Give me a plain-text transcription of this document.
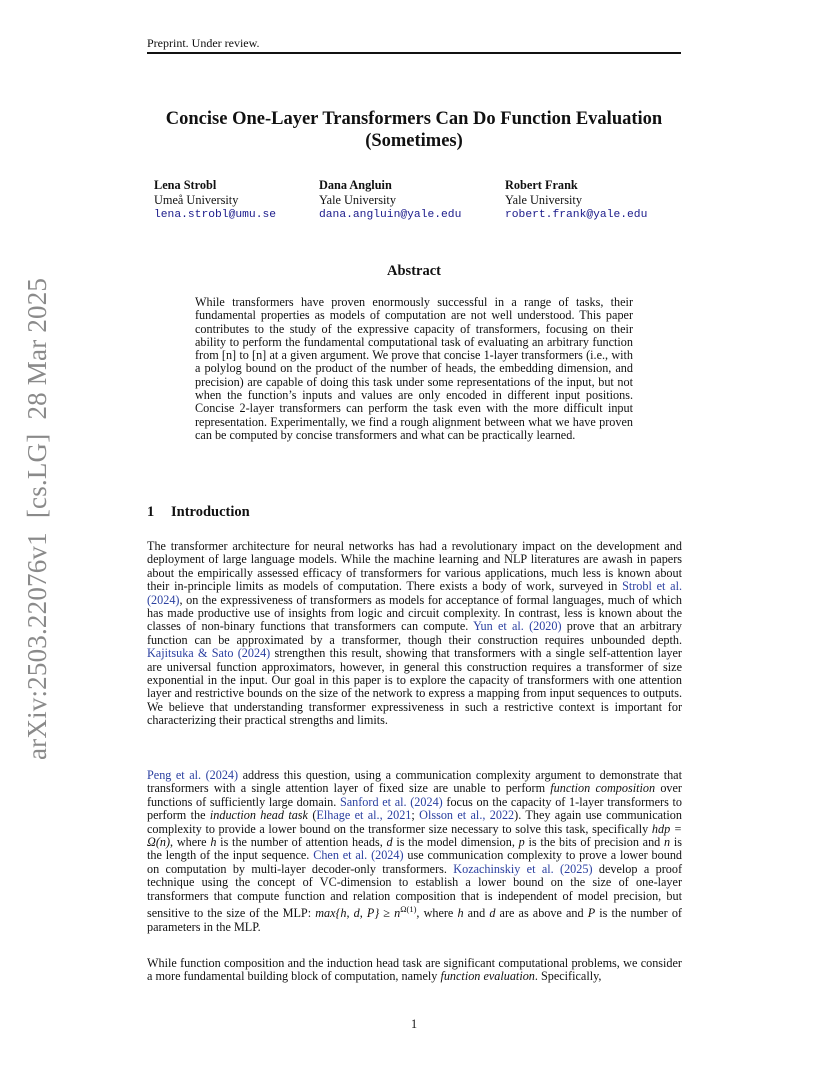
Preprint. Under review.
Concise One-Layer Transformers Can Do Function Evaluation
(Sometimes)
Lena Strobl
Umeå University
lena.strobl@umu.se
Dana Angluin
Yale University
dana.angluin@yale.edu
Robert Frank
Yale University
robert.frank@yale.edu
Abstract
While transformers have proven enormously successful in a range of tasks, their fundamental properties as models of computation are not well understood. This paper contributes to the study of the expressive capacity of transformers, focusing on their ability to perform the fundamental computational task of evaluating an arbitrary function from [n] to [n] at a given argument. We prove that concise 1-layer transformers (i.e., with a polylog bound on the product of the number of heads, the embedding dimension, and precision) are capable of doing this task under some representations of the input, but not when the function’s inputs and values are only encoded in different input positions. Concise 2-layer transformers can perform the task even with the more difficult input representation. Experimentally, we find a rough alignment between what we have proven can be computed by concise transformers and what can be practically learned.
1 Introduction
The transformer architecture for neural networks has had a revolutionary impact on the development and deployment of large language models. While the machine learning and NLP literatures are awash in papers about the empirically assessed efficacy of transformers for various applications, much less is known about their in-principle limits as models of computation. There exists a body of work, surveyed in Strobl et al. (2024), on the expressiveness of transformers as models for acceptance of formal languages, much of which has made productive use of insights from logic and circuit complexity. In contrast, less is known about the classes of non-binary functions that transformers can compute. Yun et al. (2020) prove that an arbitrary function can be approximated by a transformer, though their construction requires unbounded depth. Kajitsuka & Sato (2024) strengthen this result, showing that transformers with a single self-attention layer are universal function approximators, however, in general this construction requires a transformer of size exponential in the input. Our goal in this paper is to explore the capacity of transformers with one attention layer and restrictive bounds on the size of the network to express a mapping from input sequences to outputs. We believe that understanding transformer expressiveness in such a restrictive context is important for characterizing their practical strengths and limits.
Peng et al. (2024) address this question, using a communication complexity argument to demonstrate that transformers with a single attention layer of fixed size are unable to perform function composition over functions of sufficiently large domain. Sanford et al. (2024) focus on the capacity of 1-layer transformers to perform the induction head task (Elhage et al., 2021; Olsson et al., 2022). They again use communication complexity to provide a lower bound on the transformer size necessary to solve this task, specifically hdp = Ω(n), where h is the number of attention heads, d is the model dimension, p is the bits of precision and n is the length of the input sequence. Chen et al. (2024) use communication complexity to prove a lower bound on computation by multi-layer decoder-only transformers. Kozachinskiy et al. (2025) develop a proof technique using the concept of VC-dimension to establish a lower bound on the size of one-layer transformers that compute function and relation composition that is independent of model precision, but sensitive to the size of the MLP: max{h, d, $P\} \ge n^{\Omega(1)}$, where h and d are as above and P is the number of parameters in the MLP.
While function composition and the induction head task are significant computational problems, we consider a more fundamental building block of computation, namely function evaluation. Specifically,
1
arXiv:2503.22076v1[cs.LG]28 Mar 2025
